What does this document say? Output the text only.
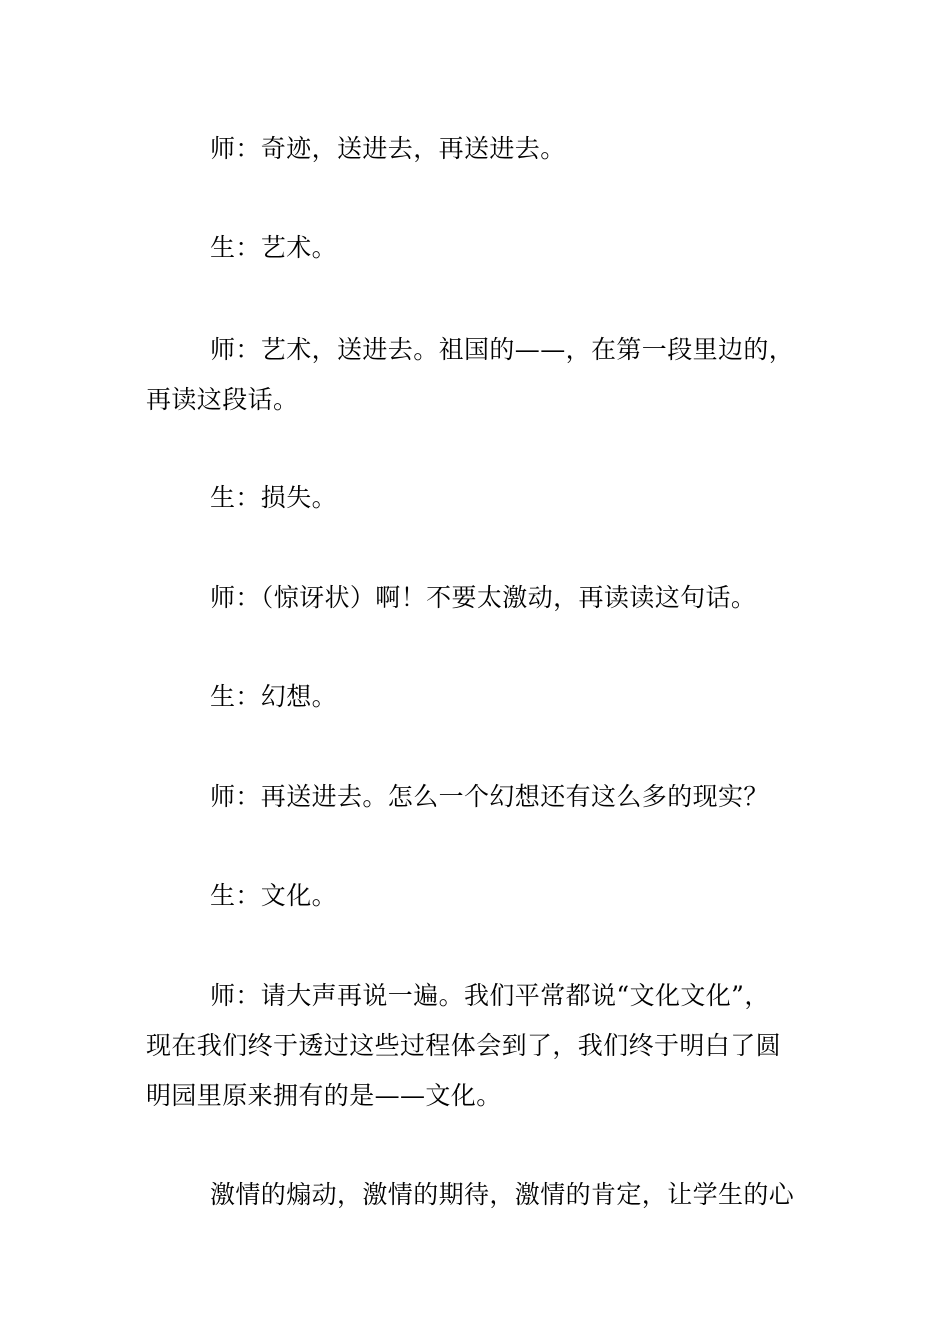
师：奇迹，送进去，再送进去。
生：艺术。
师：艺术，送进去。祖国的——，在第一段里边的，
再读这段话。
生：损失。
师：（惊讶状）啊！不要太激动，再读读这句话。
生：幻想。
师：再送进去。怎么一个幻想还有这么多的现实？
生：文化。
师：请大声再说一遍。我们平常都说“文化文化”，
现在我们终于透过这些过程体会到了，我们终于明白了圆
明园里原来拥有的是——文化。
激情的煽动，激情的期待，激情的肯定，让学生的心
